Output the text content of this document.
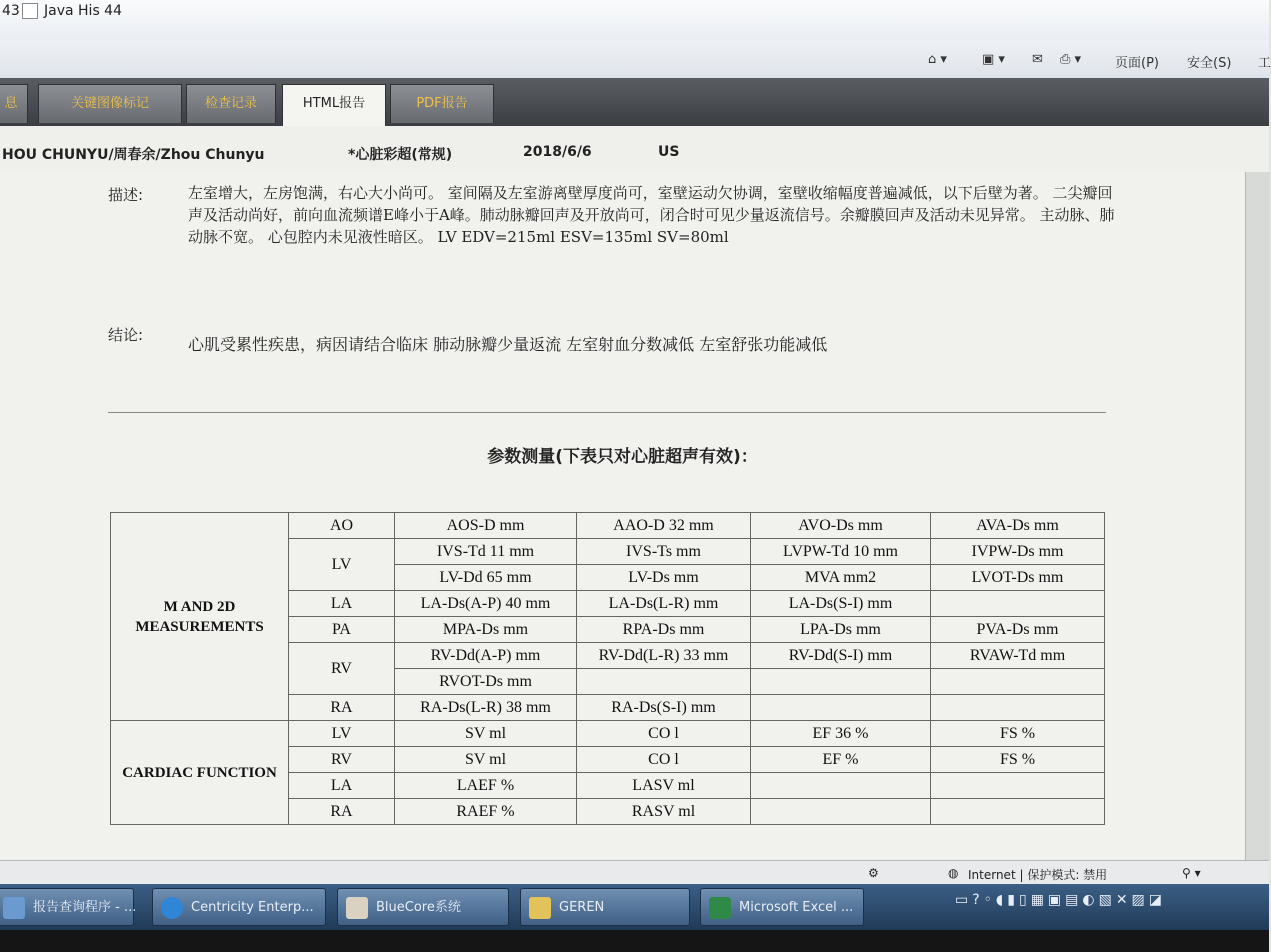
43 Java His 44
⌂ ▾	▣ ▾ ✉ ⎙ ▾	页面(P) 安全(S) 工
息	关键图像标记	检查记录	HTML报告	PDF报告
HOU CHUNYU/周春余/Zhou Chunyu	*心脏彩超(常规)	2018/6/6	US
描述:	左室增大，左房饱满，右心大小尚可。 室间隔及左室游离壁厚度尚可，室壁运动欠协调，室壁收缩幅度普遍减低，以下后壁为著。 二尖瓣回声及活动尚好，前向血流频谱E峰小于A峰。肺动脉瓣回声及开放尚可，闭合时可见少量返流信号。余瓣膜回声及活动未见异常。 主动脉、肺动脉不宽。 心包腔内未见液性暗区。 LV EDV=215ml ESV=135ml SV=80ml
结论:	心肌受累性疾患，病因请结合临床 肺动脉瓣少量返流 左室射血分数减低 左室舒张功能减低
参数测量(下表只对心脏超声有效)：
M AND 2D MEASUREMENTS	AO	AOS-D mm	AAO-D 32 mm	AVO-Ds mm	AVA-Ds mm
	LV	IVS-Td 11 mm	IVS-Ts mm	LVPW-Td 10 mm	IVPW-Ds mm
		LV-Dd 65 mm	LV-Ds mm	MVA mm2	LVOT-Ds mm
	LA	LA-Ds(A-P) 40 mm	LA-Ds(L-R) mm	LA-Ds(S-I) mm	
	PA	MPA-Ds mm	RPA-Ds mm	LPA-Ds mm	PVA-Ds mm
	RV	RV-Dd(A-P) mm	RV-Dd(L-R) 33 mm	RV-Dd(S-I) mm	RVAW-Td mm
		RVOT-Ds mm			
	RA	RA-Ds(L-R) 38 mm	RA-Ds(S-I) mm		
CARDIAC FUNCTION	LV	SV ml	CO l	EF 36 %	FS %
	RV	SV ml	CO l	EF %	FS %
	LA	LAEF %	LASV ml		
	RA	RAEF %	RASV ml		
⚙	◍ Internet | 保护模式: 禁用	⚲ ▾
报告查询程序 - ...	Centricity Enterp...	BlueCore系统	GEREN	Microsoft Excel ...	▭?◦◖▮▯▦▣▤◐▧✕▨◪
